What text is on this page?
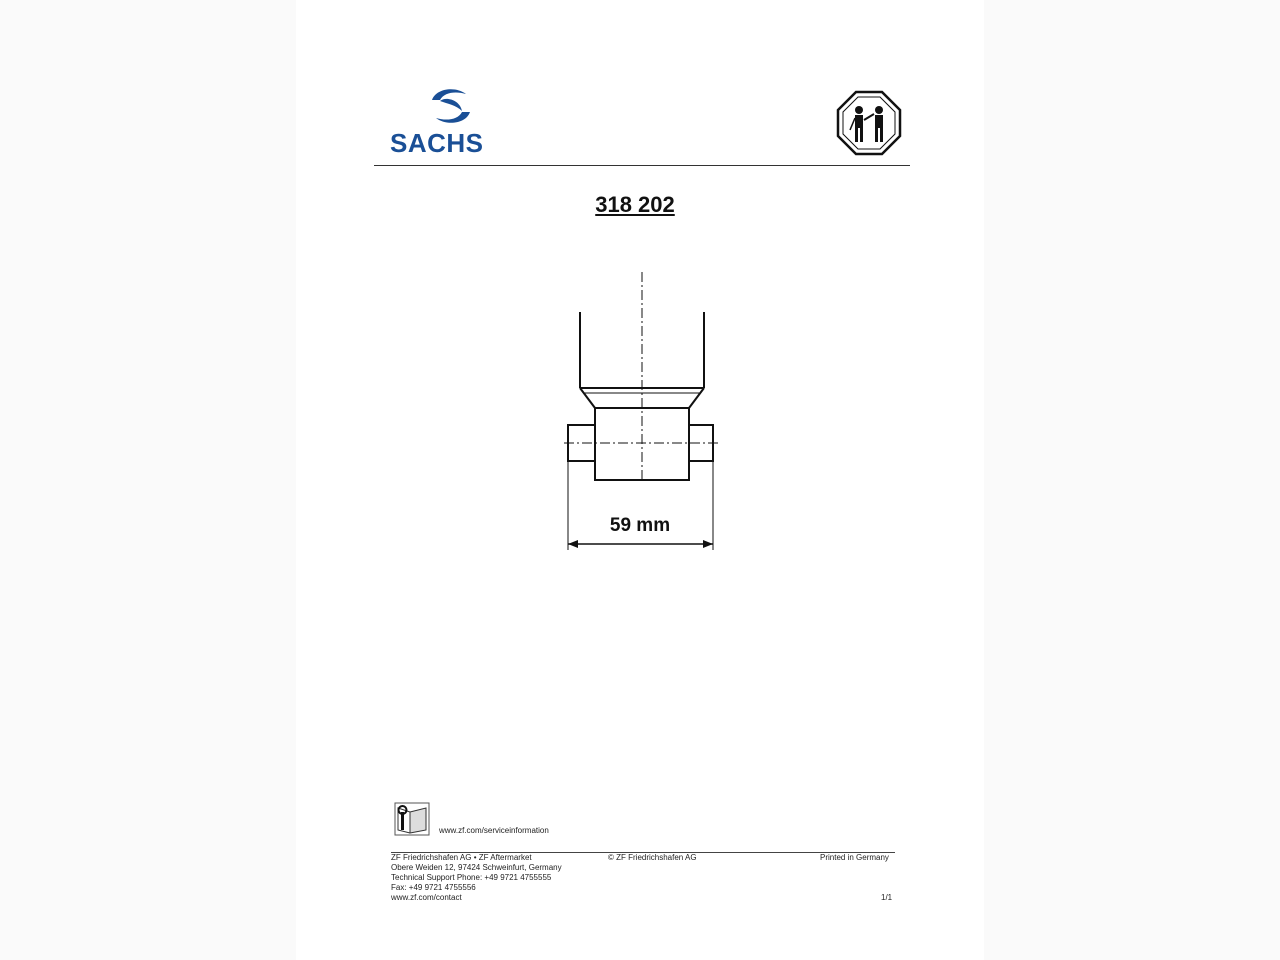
SACHS
318 202
59 mm
www.zf.com/serviceinformation
ZF Friedrichshafen AG • ZF Aftermarket
Obere Weiden 12, 97424 Schweinfurt, Germany
Technical Support Phone: +49 9721 4755555
Fax: +49 9721 4755556
www.zf.com/contact
© ZF Friedrichshafen AG	Printed in Germany
1/1
